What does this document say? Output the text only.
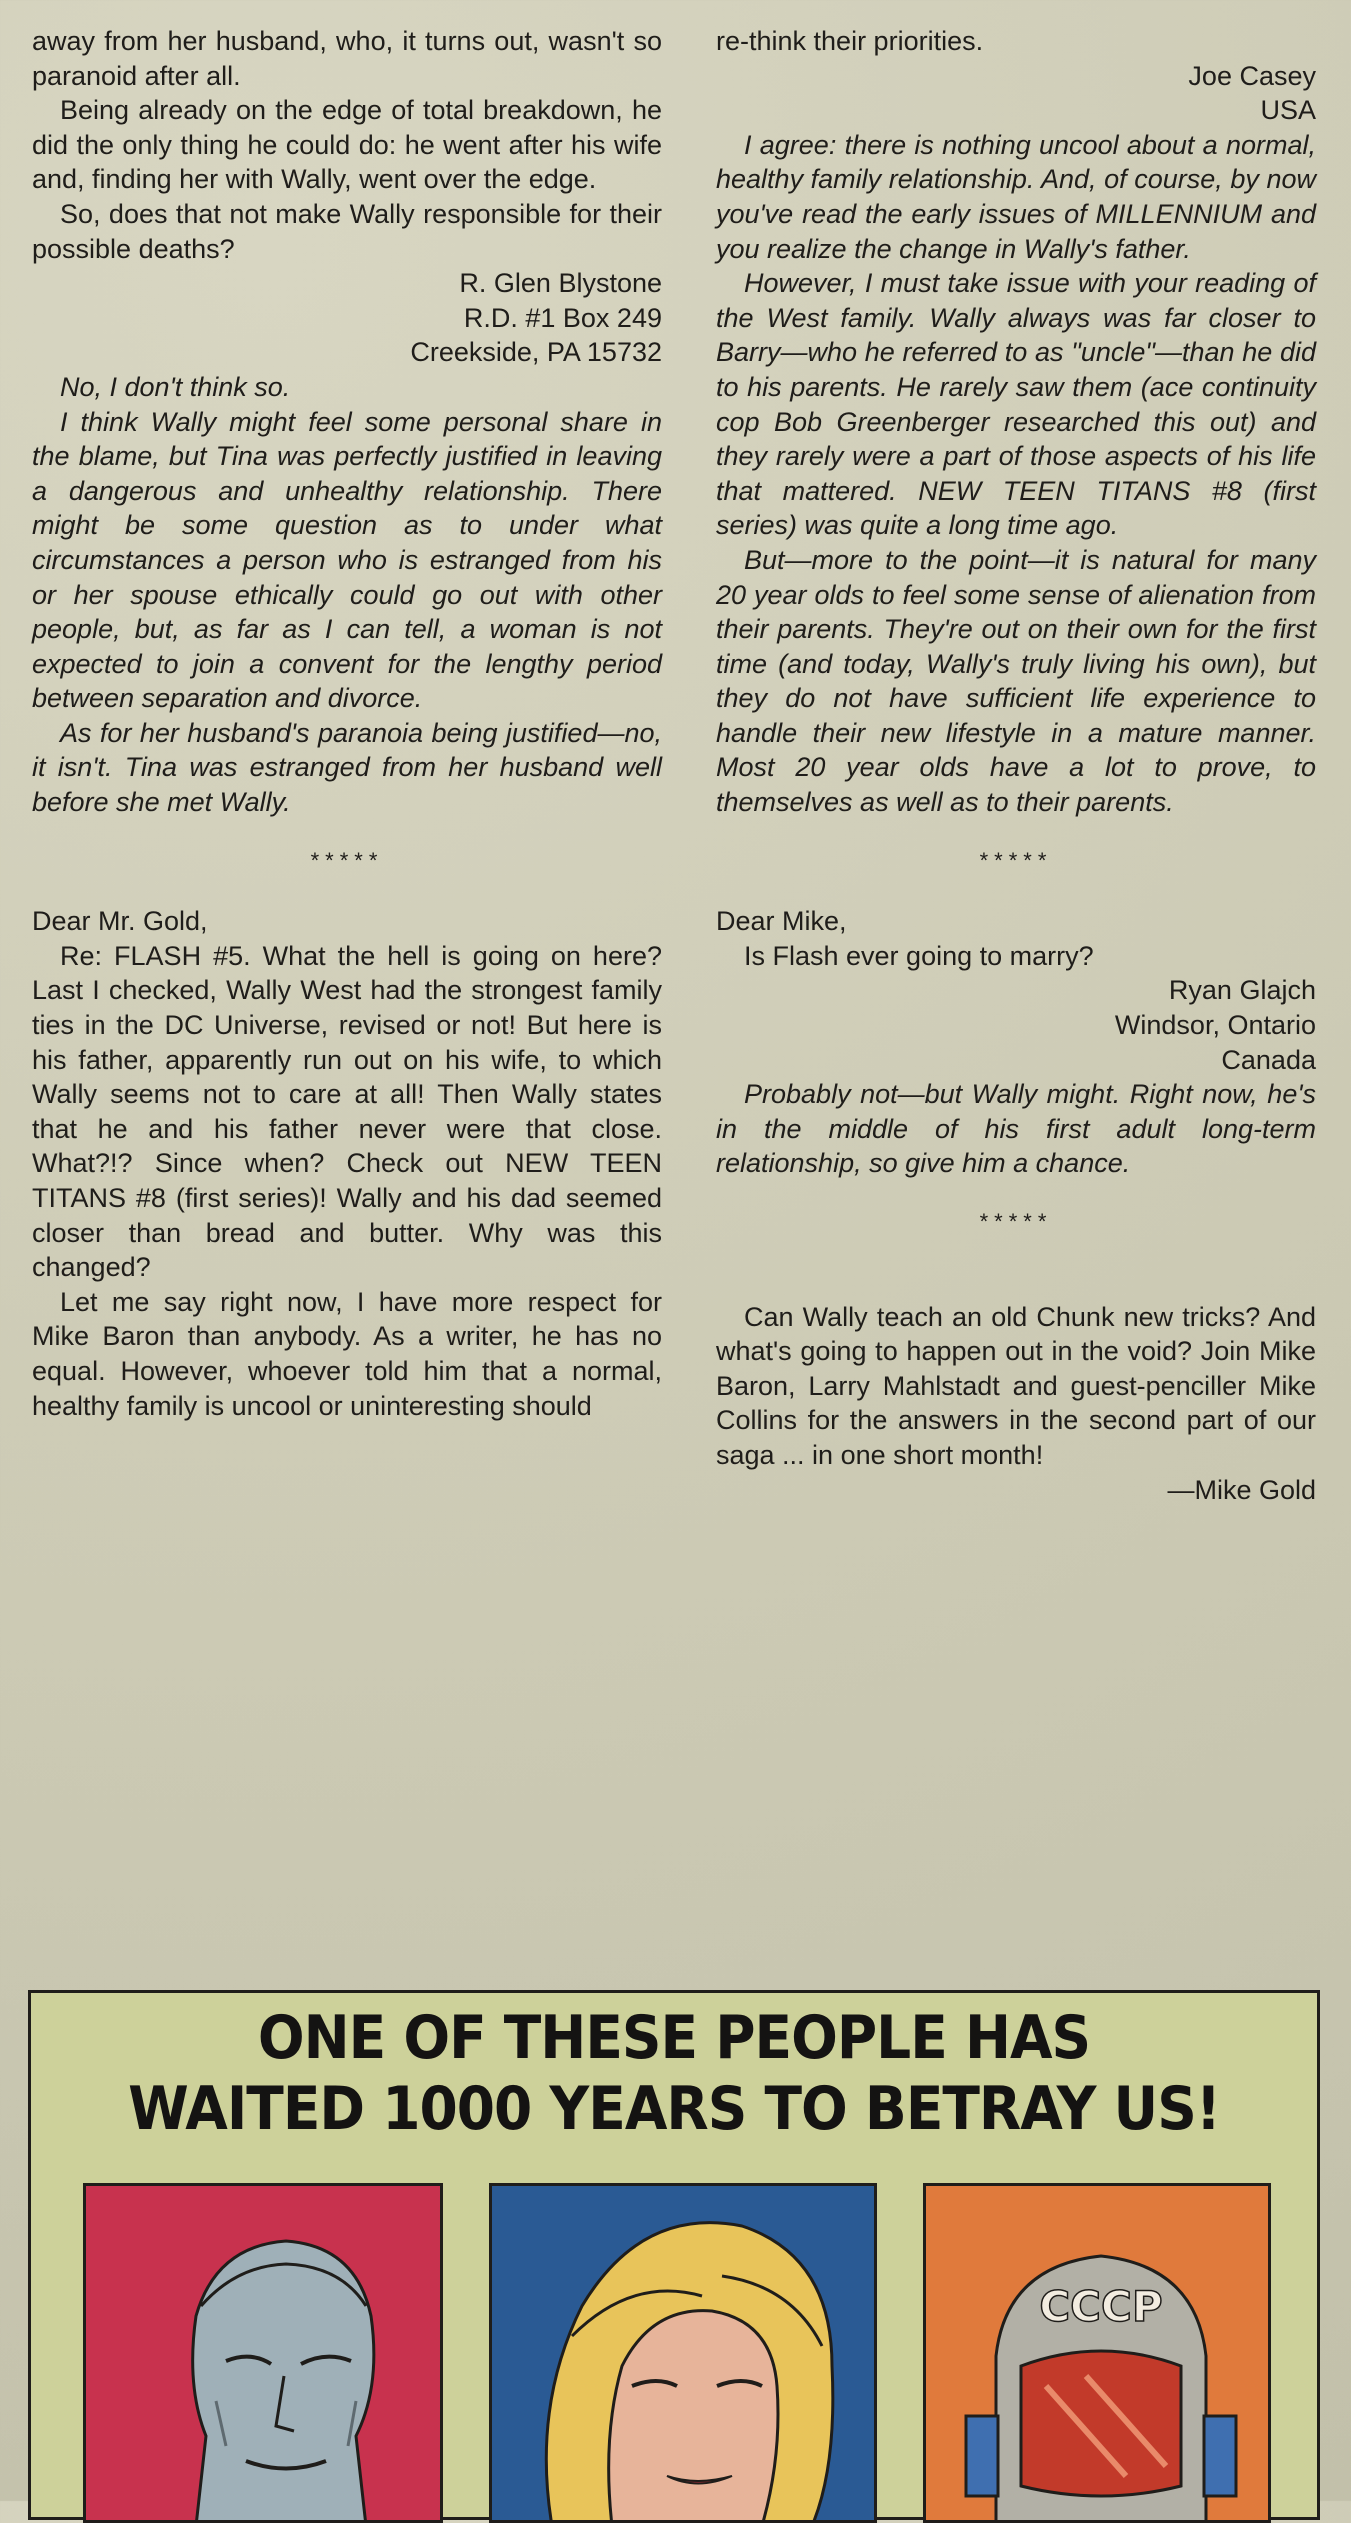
away from her husband, who, it turns out, wasn't so paranoid after all.

Being already on the edge of total breakdown, he did the only thing he could do: he went after his wife and, finding her with Wally, went over the edge.

So, does that not make Wally responsible for their possible deaths?

R. Glen Blystone

R.D. #1 Box 249

Creekside, PA 15732

No, I don't think so.

I think Wally might feel some personal share in the blame, but Tina was perfectly justified in leaving a dangerous and unhealthy relationship. There might be some question as to under what circumstances a person who is estranged from his or her spouse ethically could go out with other people, but, as far as I can tell, a woman is not expected to join a convent for the lengthy period between separation and divorce.

As for her husband's paranoia being justified—no, it isn't. Tina was estranged from her husband well before she met Wally.

*****

Dear Mr. Gold,

Re: FLASH #5. What the hell is going on here? Last I checked, Wally West had the strongest family ties in the DC Universe, revised or not! But here is his father, apparently run out on his wife, to which Wally seems not to care at all! Then Wally states that he and his father never were that close. What?!? Since when? Check out NEW TEEN TITANS #8 (first series)! Wally and his dad seemed closer than bread and butter. Why was this changed?

Let me say right now, I have more respect for Mike Baron than anybody. As a writer, he has no equal. However, whoever told him that a normal, healthy family is uncool or uninteresting should

re-think their priorities.

Joe Casey

USA

I agree: there is nothing uncool about a normal, healthy family relationship. And, of course, by now you've read the early issues of MILLENNIUM and you realize the change in Wally's father.

However, I must take issue with your reading of the West family. Wally always was far closer to Barry—who he referred to as "uncle"—than he did to his parents. He rarely saw them (ace continuity cop Bob Greenberger researched this out) and they rarely were a part of those aspects of his life that mattered. NEW TEEN TITANS #8 (first series) was quite a long time ago.

But—more to the point—it is natural for many 20 year olds to feel some sense of alienation from their parents. They're out on their own for the first time (and today, Wally's truly living his own), but they do not have sufficient life experience to handle their new lifestyle in a mature manner. Most 20 year olds have a lot to prove, to themselves as well as to their parents.

*****

Dear Mike,

Is Flash ever going to marry?

Ryan Glajch

Windsor, Ontario

Canada

Probably not—but Wally might. Right now, he's in the middle of his first adult long-term relationship, so give him a chance.

*****

Can Wally teach an old Chunk new tricks? And what's going to happen out in the void? Join Mike Baron, Larry Mahlstadt and guest-penciller Mike Collins for the answers in the second part of our saga ... in one short month!

—Mike Gold

ONE OF THESE PEOPLE HAS
WAITED 1000 YEARS TO BETRAY US!
CCCP
